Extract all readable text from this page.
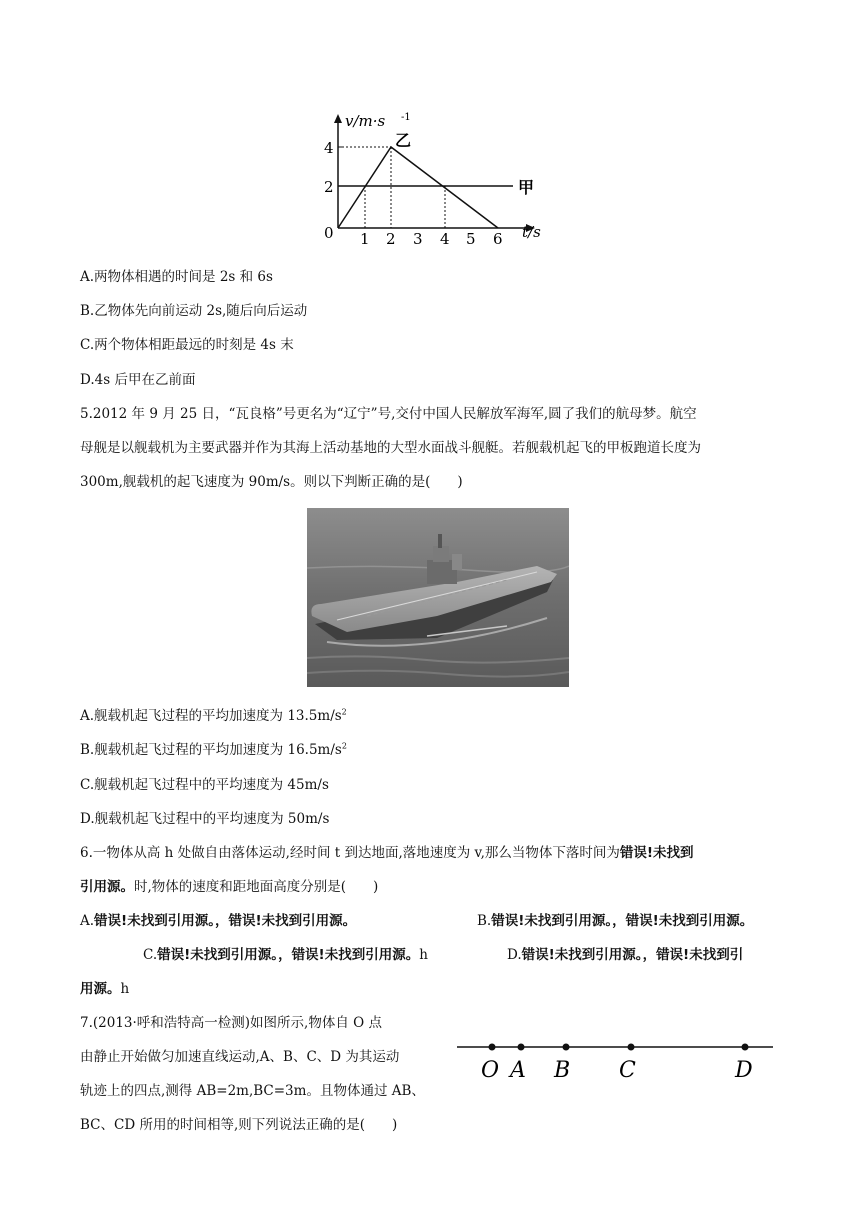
v/m·s -1
4
2
0 1 2 3 4 5 6 t/s
乙
甲
A.两物体相遇的时间是 2s 和 6s
B.乙物体先向前运动 2s,随后向后运动
C.两个物体相距最远的时刻是 4s 末
D.4s 后甲在乙前面
5.2012 年 9 月 25 日，“瓦良格”号更名为“辽宁”号,交付中国人民解放军海军,圆了我们的航母梦。航空
母舰是以舰载机为主要武器并作为其海上活动基地的大型水面战斗舰艇。若舰载机起飞的甲板跑道长度为
300m,舰载机的起飞速度为 90m/s。则以下判断正确的是(　　)
A.舰载机起飞过程的平均加速度为 $13.5m/s^2$
B.舰载机起飞过程的平均加速度为 $16.5m/s^2$
C.舰载机起飞过程中的平均速度为 45m/s
D.舰载机起飞过程中的平均速度为 50m/s
6.一物体从高 h 处做自由落体运动,经时间 t 到达地面,落地速度为 v,那么当物体下落时间为错误!未找到
引用源。时,物体的速度和距地面高度分别是(　　)
A.错误!未找到引用源。，错误!未找到引用源。	B.错误!未找到引用源。，错误!未找到引用源。
C.错误!未找到引用源。，错误!未找到引用源。h	D.错误!未找到引用源。，错误!未找到引
用源。h
7.(2013·呼和浩特高一检测)如图所示,物体自 O 点
由静止开始做匀加速直线运动,A、B、C、D 为其运动
轨迹上的四点,测得 AB=2m,BC=3m。且物体通过 AB、
BC、CD 所用的时间相等,则下列说法正确的是(　　)
O A B C	D
